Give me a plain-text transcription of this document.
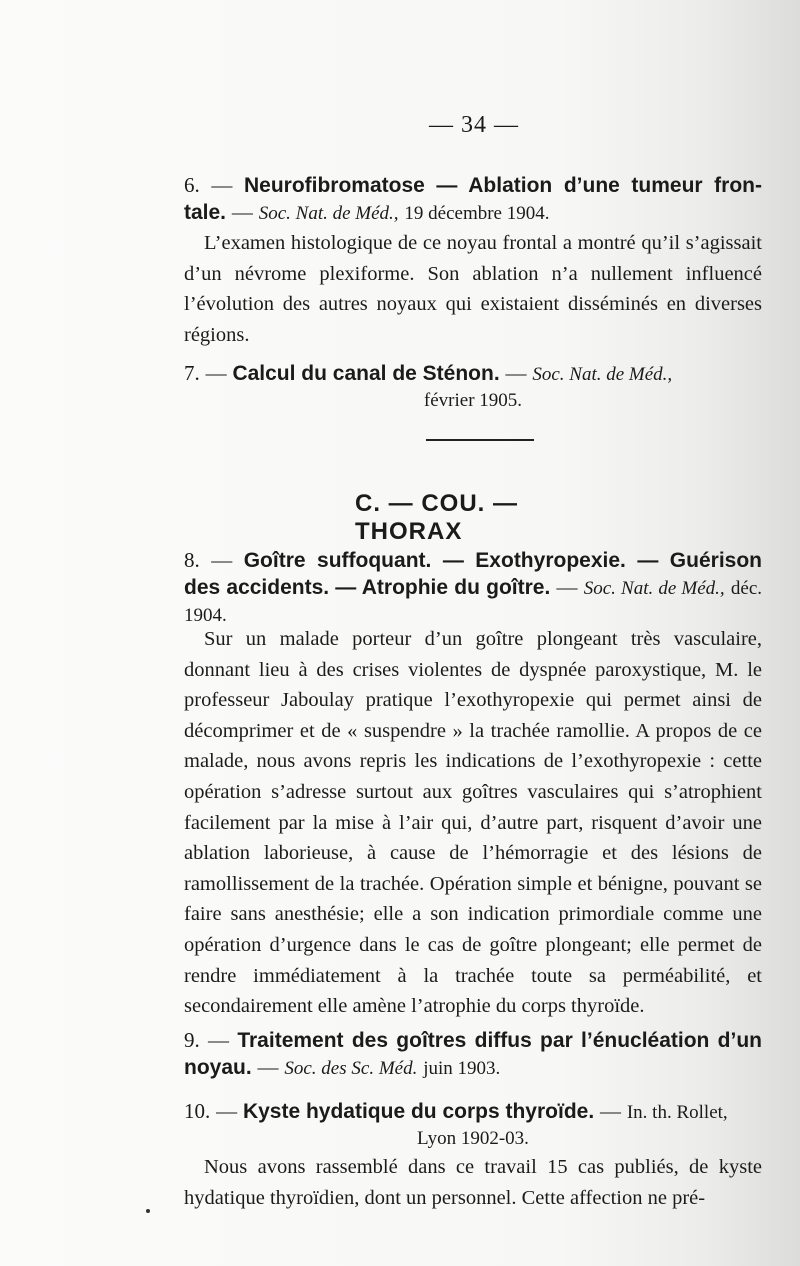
— 34 —
6. — Neurofibromatose — Ablation d’une tumeur fron-tale. — Soc. Nat. de Méd., 19 décembre 1904.
L’examen histologique de ce noyau frontal a montré qu’il s’agissait d’un névrome plexiforme. Son ablation n’a nullement influencé l’évolution des autres noyaux qui existaient disséminés en diverses régions.
7. — Calcul du canal de Sténon. — Soc. Nat. de Méd.,
février 1905.
C. — COU. — THORAX
8. — Goître suffoquant. — Exothyropexie. — Guérison des accidents. — Atrophie du goître. — Soc. Nat. de Méd., déc. 1904.
Sur un malade porteur d’un goître plongeant très vasculaire, donnant lieu à des crises violentes de dyspnée paroxystique, M. le professeur Jaboulay pratique l’exothyropexie qui permet ainsi de décomprimer et de « suspendre » la trachée ramollie. A propos de ce malade, nous avons repris les indications de l’exothyropexie : cette opération s’adresse surtout aux goîtres vasculaires qui s’atrophient facilement par la mise à l’air qui, d’autre part, risquent d’avoir une ablation laborieuse, à cause de l’hémorragie et des lésions de ramollissement de la trachée. Opération simple et bénigne, pouvant se faire sans anesthésie; elle a son indication primordiale comme une opération d’urgence dans le cas de goître plongeant; elle permet de rendre immédiatement à la trachée toute sa perméabilité, et secondairement elle amène l’atrophie du corps thyroïde.
9. — Traitement des goîtres diffus par l’énucléation d’un noyau. — Soc. des Sc. Méd. juin 1903.
10. — Kyste hydatique du corps thyroïde. — In. th. Rollet,
Lyon 1902-03.
Nous avons rassemblé dans ce travail 15 cas publiés, de kyste hydatique thyroïdien, dont un personnel. Cette affection ne pré-
